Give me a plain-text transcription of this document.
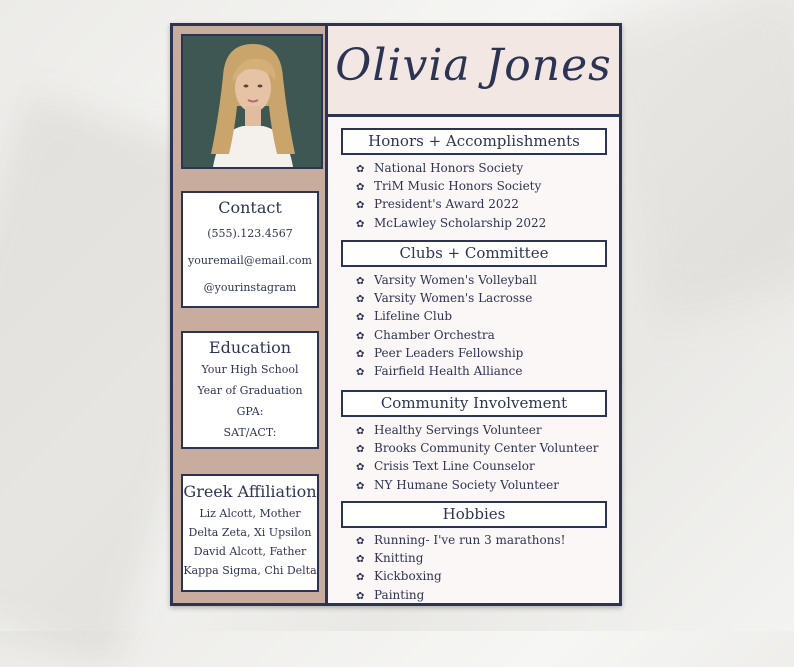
Contact

(555).123.4567

youremail@email.com

@yourinstagram

Education

Your High School

Year of Graduation

GPA:

SAT/ACT:

Greek Affiliation

Liz Alcott, Mother

Delta Zeta, Xi Upsilon

David Alcott, Father

Kappa Sigma, Chi Delta

Olivia Jones
Honors + Accomplishments
✿ National Honors Society
✿ TriM Music Honors Society
✿ President's Award 2022
✿ McLawley Scholarship 2022
Clubs + Committee
✿ Varsity Women's Volleyball
✿ Varsity Women's Lacrosse
✿ Lifeline Club
✿ Chamber Orchestra
✿ Peer Leaders Fellowship
✿ Fairfield Health Alliance
Community Involvement
✿ Healthy Servings Volunteer
✿ Brooks Community Center Volunteer
✿ Crisis Text Line Counselor
✿ NY Humane Society Volunteer
Hobbies
✿ Running- I've run 3 marathons!
✿ Knitting
✿ Kickboxing
✿ Painting
